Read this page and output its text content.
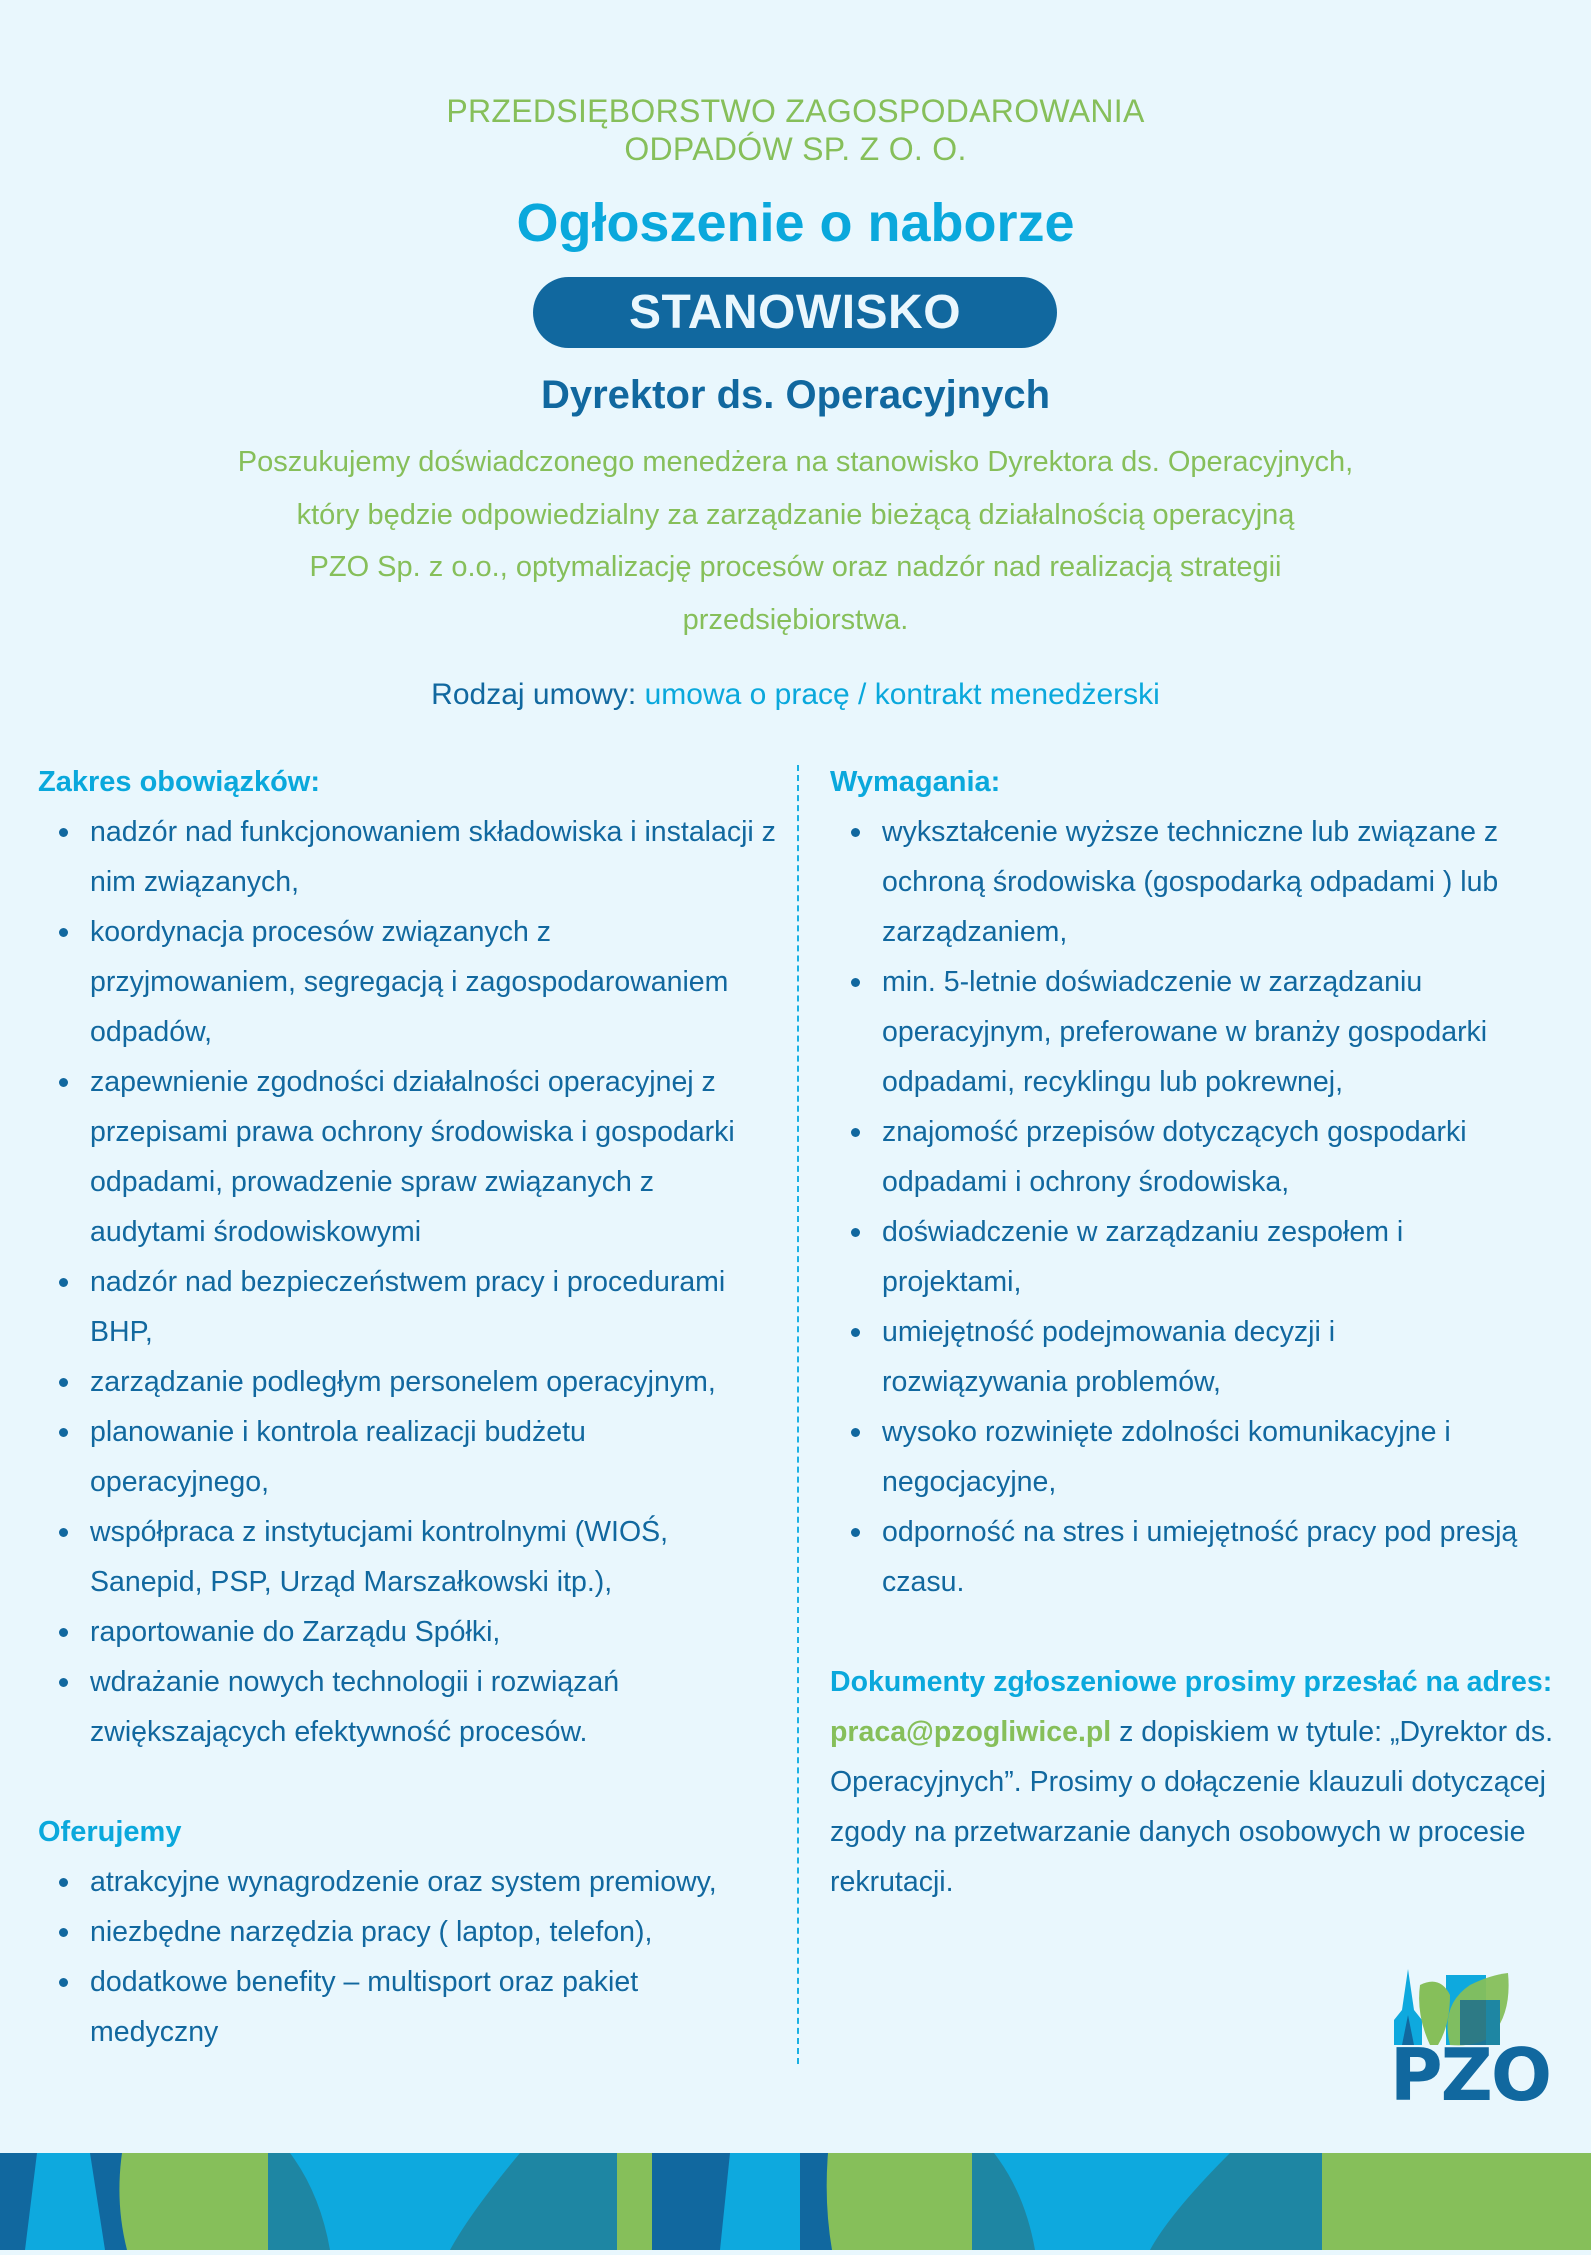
PRZEDSIĘBORSTWO ZAGOSPODAROWANIA
ODPADÓW SP. Z O. O.
Ogłoszenie o naborze
STANOWISKO
Dyrektor ds. Operacyjnych
Poszukujemy doświadczonego menedżera na stanowisko Dyrektora ds. Operacyjnych,
który będzie odpowiedzialny za zarządzanie bieżącą działalnością operacyjną
PZO Sp. z o.o., optymalizację procesów oraz nadzór nad realizacją strategii
przedsiębiorstwa.
Rodzaj umowy: umowa o pracę / kontrakt menedżerski
Zakres obowiązków:
nadzór nad funkcjonowaniem składowiska i instalacji z nim związanych,
koordynacja procesów związanych z przyjmowaniem, segregacją i zagospodarowaniem odpadów,
zapewnienie zgodności działalności operacyjnej z przepisami prawa ochrony środowiska i gospodarki odpadami, prowadzenie spraw związanych z audytami środowiskowymi
nadzór nad bezpieczeństwem pracy i procedurami BHP,
zarządzanie podległym personelem operacyjnym,
planowanie i kontrola realizacji budżetu operacyjnego,
współpraca z instytucjami kontrolnymi (WIOŚ, Sanepid, PSP, Urząd Marszałkowski itp.),
raportowanie do Zarządu Spółki,
wdrażanie nowych technologii i rozwiązań zwiększających efektywność procesów.
Oferujemy
atrakcyjne wynagrodzenie oraz system premiowy,
niezbędne narzędzia pracy ( laptop, telefon),
dodatkowe benefity – multisport oraz pakiet medyczny
Wymagania:
wykształcenie wyższe techniczne lub związane z ochroną środowiska (gospodarką odpadami ) lub zarządzaniem,
min. 5-letnie doświadczenie w zarządzaniu operacyjnym, preferowane w branży gospodarki odpadami, recyklingu lub pokrewnej,
znajomość przepisów dotyczących gospodarki odpadami i ochrony środowiska,
doświadczenie w zarządzaniu zespołem i projektami,
umiejętność podejmowania decyzji i rozwiązywania problemów,
wysoko rozwinięte zdolności komunikacyjne i negocjacyjne,
odporność na stres i umiejętność pracy pod presją czasu.
Dokumenty zgłoszeniowe prosimy przesłać na adres:
praca@pzogliwice.pl z dopiskiem w tytule: „Dyrektor ds. Operacyjnych”. Prosimy o dołączenie klauzuli dotyczącej zgody na przetwarzanie danych osobowych w procesie rekrutacji.
PZO
